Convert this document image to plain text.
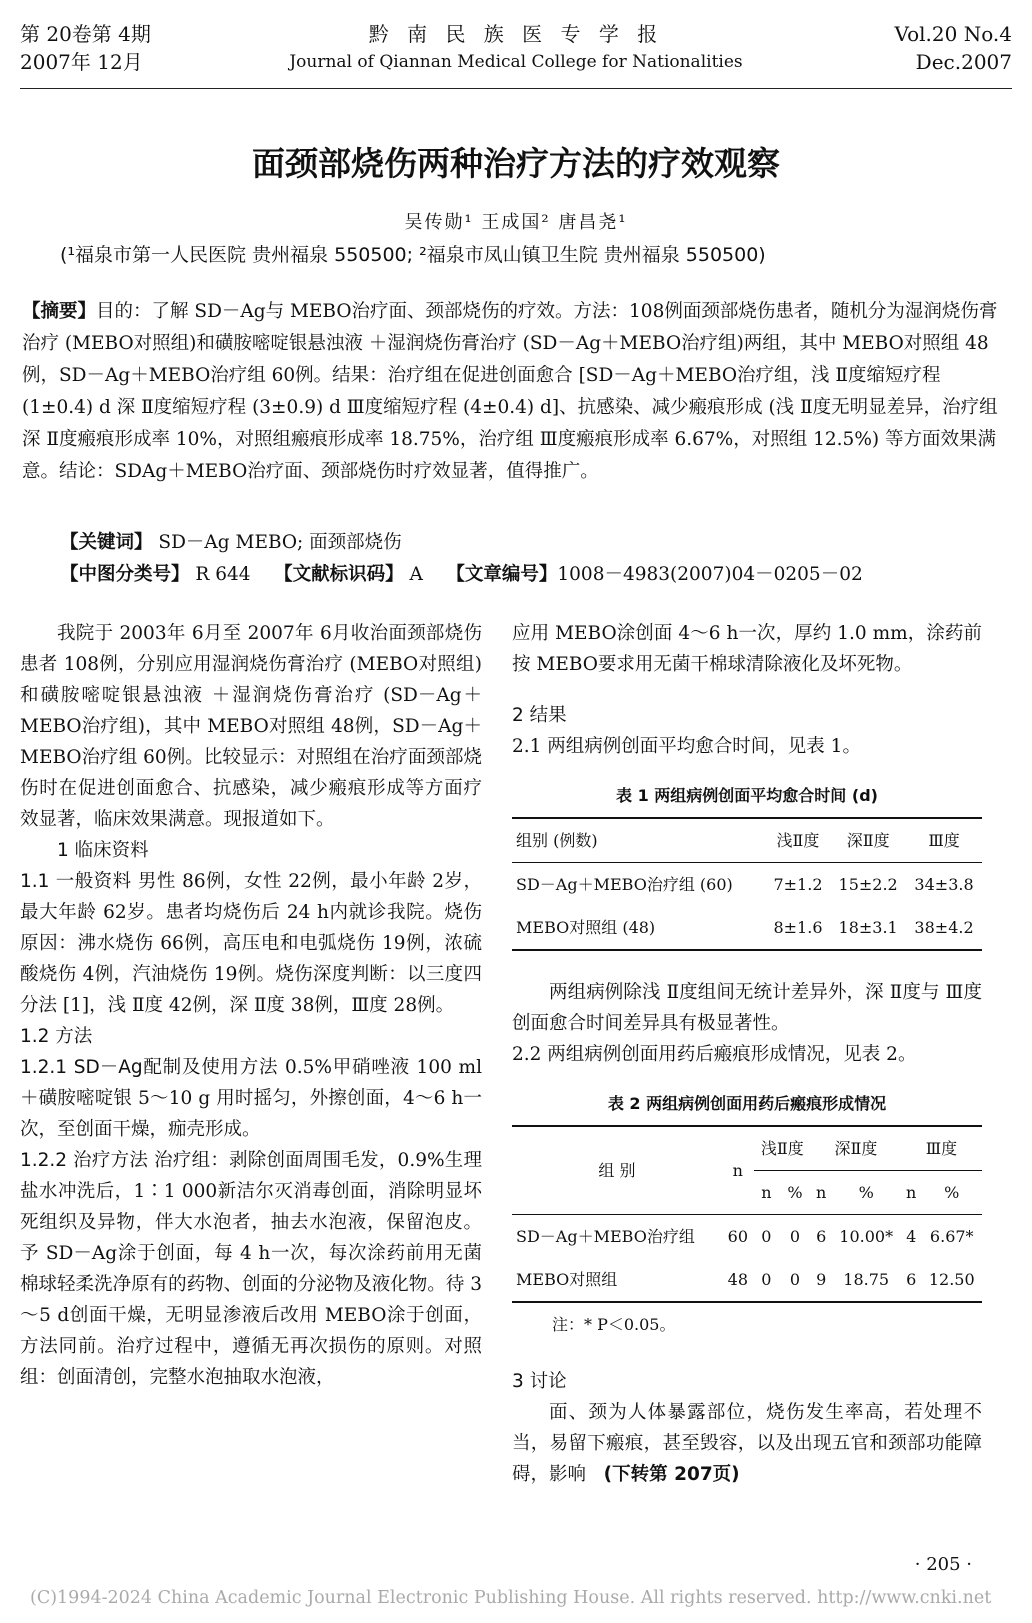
第 20卷第 4期
2007年 12月
黔 南 民 族 医 专 学 报
Journal of Qiannan Medical College for Nationalities
Vol.20 No.4
Dec.2007
面颈部烧伤两种治疗方法的疗效观察
吴传勋¹ 王成国² 唐昌尧¹
(¹福泉市第一人民医院 贵州福泉 550500; ²福泉市凤山镇卫生院 贵州福泉 550500)
【摘要】目的：了解 SD－Ag与 MEBO治疗面、颈部烧伤的疗效。方法：108例面颈部烧伤患者，随机分为湿润烧伤膏治疗 (MEBO对照组)和磺胺嘧啶银悬浊液 ＋湿润烧伤膏治疗 (SD－Ag＋MEBO治疗组)两组，其中 MEBO对照组 48例，SD－Ag＋MEBO治疗组 60例。结果：治疗组在促进创面愈合 [SD－Ag＋MEBO治疗组，浅 Ⅱ度缩短疗程 (1±0.4) d 深 Ⅱ度缩短疗程 (3±0.9) d Ⅲ度缩短疗程 (4±0.4) d]、抗感染、减少瘢痕形成 (浅 Ⅱ度无明显差异，治疗组深 Ⅱ度瘢痕形成率 10%，对照组瘢痕形成率 18.75%，治疗组 Ⅲ度瘢痕形成率 6.67%，对照组 12.5%) 等方面效果满意。结论：SDAg＋MEBO治疗面、颈部烧伤时疗效显著，值得推广。
【关键词】 SD－Ag MEBO; 面颈部烧伤
【中图分类号】 R 644 【文献标识码】 A 【文章编号】1008－4983(2007)04－0205－02

我院于 2003年 6月至 2007年 6月收治面颈部烧伤患者 108例，分别应用湿润烧伤膏治疗 (MEBO对照组)和磺胺嘧啶银悬浊液 ＋湿润烧伤膏治疗 (SD－Ag＋MEBO治疗组)，其中 MEBO对照组 48例，SD－Ag＋MEBO治疗组 60例。比较显示：对照组在治疗面颈部烧伤时在促进创面愈合、抗感染，减少瘢痕形成等方面疗效显著，临床效果满意。现报道如下。

1 临床资料

1.1 一般资料 男性 86例，女性 22例，最小年龄 2岁，最大年龄 62岁。患者均烧伤后 24 h内就诊我院。烧伤原因：沸水烧伤 66例，高压电和电弧烧伤 19例，浓硫酸烧伤 4例，汽油烧伤 19例。烧伤深度判断：以三度四分法 [1]，浅 Ⅱ度 42例，深 Ⅱ度 38例，Ⅲ度 28例。

1.2 方法

1.2.1 SD－Ag配制及使用方法 0.5%甲硝唑液 100 ml＋磺胺嘧啶银 5～10 g 用时摇匀，外擦创面，4～6 h一次，至创面干燥，痂壳形成。

1.2.2 治疗方法 治疗组：剥除创面周围毛发，0.9%生理盐水冲洗后，1∶1 000新洁尔灭消毒创面，消除明显坏死组织及异物，伴大水泡者，抽去水泡液，保留泡皮。予 SD－Ag涂于创面，每 4 h一次，每次涂药前用无菌棉球轻柔洗净原有的药物、创面的分泌物及液化物。待 3～5 d创面干燥，无明显渗液后改用 MEBO涂于创面，方法同前。治疗过程中，遵循无再次损伤的原则。对照组：创面清创，完整水泡抽取水泡液，

应用 MEBO涂创面 4～6 h一次，厚约 1.0 mm，涂药前按 MEBO要求用无菌干棉球清除液化及坏死物。

2 结果

2.1 两组病例创面平均愈合时间，见表 1。

表 1 两组病例创面平均愈合时间 (d)
组别 (例数)	浅Ⅱ度	深Ⅱ度	Ⅲ度
SD－Ag＋MEBO治疗组 (60)	7±1.2	15±2.2	34±3.8
MEBO对照组 (48)	8±1.6	18±3.1	38±4.2

两组病例除浅 Ⅱ度组间无统计差异外，深 Ⅱ度与 Ⅲ度创面愈合时间差异具有极显著性。

2.2 两组病例创面用药后瘢痕形成情况，见表 2。

表 2 两组病例创面用药后瘢痕形成情况
组 别	n	浅Ⅱ度		深Ⅱ度		Ⅲ度	
		n	%	n	%	n	%
SD－Ag＋MEBO治疗组	60	0	0	6	10.00*	4	6.67*
MEBO对照组	48	0	0	9	18.75	6	12.50
注：* P＜0.05。

3 讨论

面、颈为人体暴露部位，烧伤发生率高，若处理不当，易留下瘢痕，甚至毁容，以及出现五官和颈部功能障碍，影响 (下转第 207页)

· 205 ·
(C)1994-2024 China Academic Journal Electronic Publishing House. All rights reserved. http://www.cnki.net
